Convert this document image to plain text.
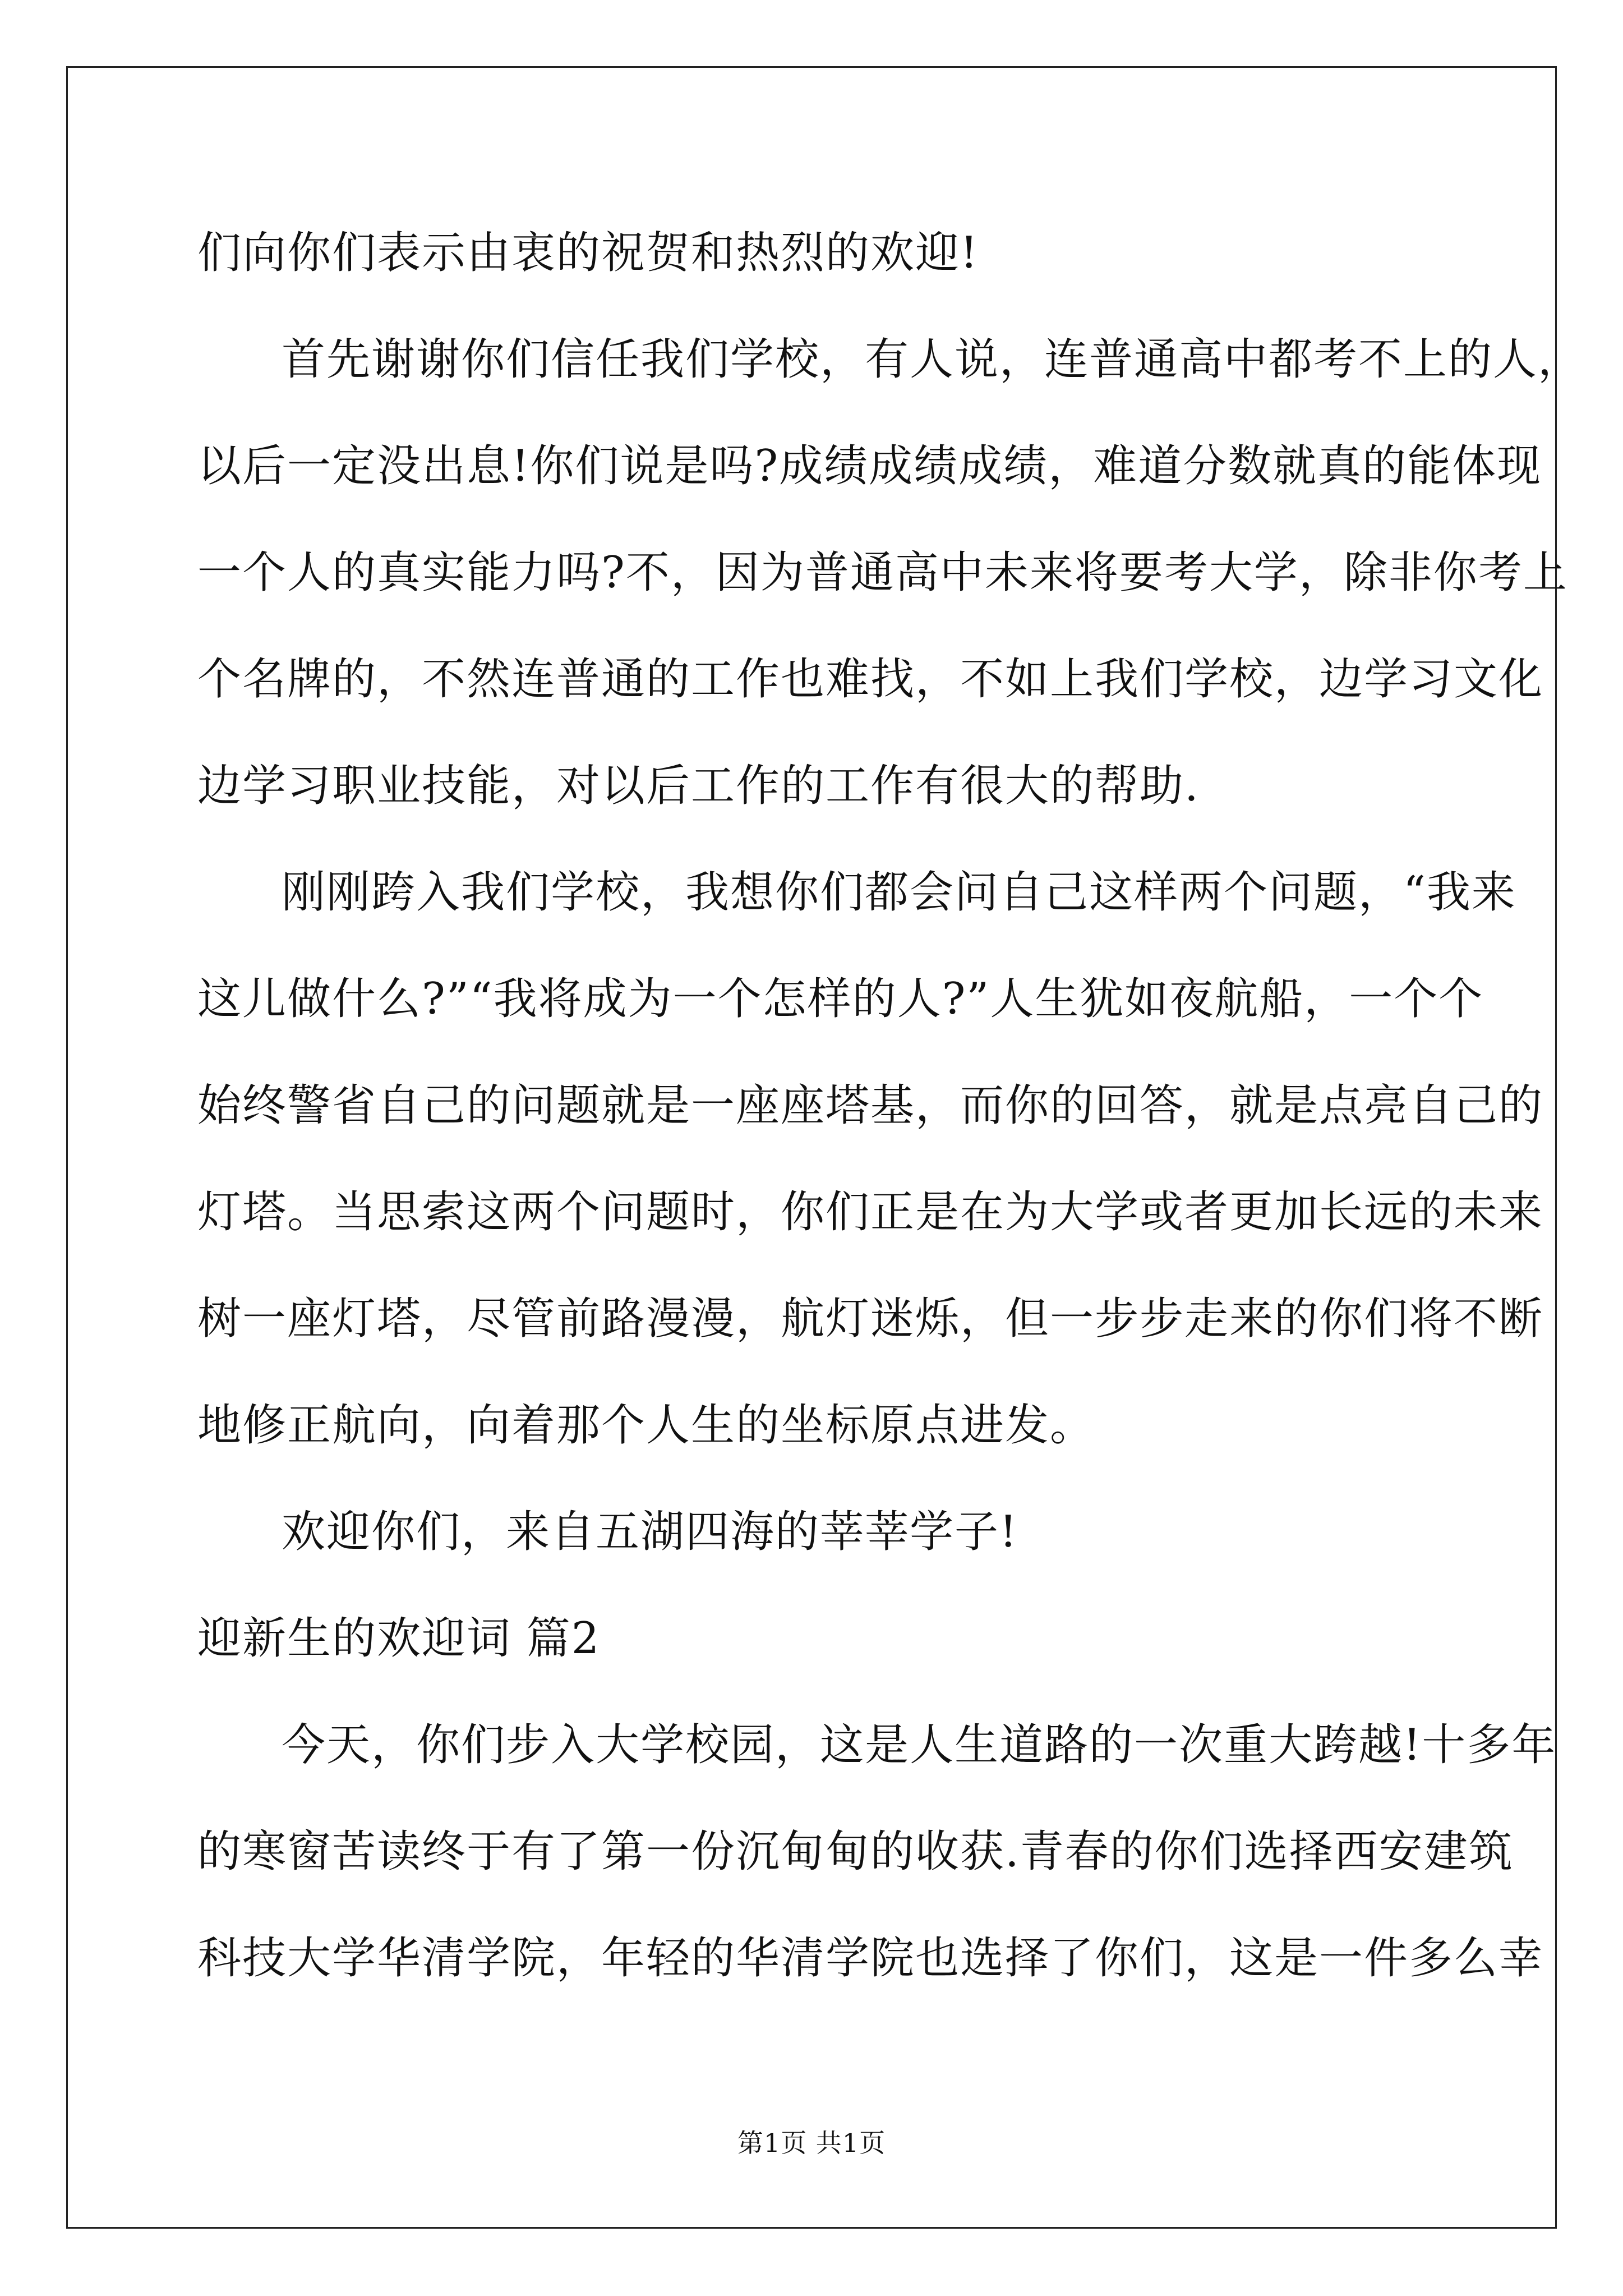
们向你们表示由衷的祝贺和热烈的欢迎!
首先谢谢你们信任我们学校，有人说，连普通高中都考不上的人，
以后一定没出息!你们说是吗?成绩成绩成绩，难道分数就真的能体现
一个人的真实能力吗?不，因为普通高中未来将要考大学，除非你考上
个名牌的，不然连普通的工作也难找，不如上我们学校，边学习文化
边学习职业技能，对以后工作的工作有很大的帮助.
刚刚跨入我们学校，我想你们都会问自己这样两个问题，“我来
这儿做什么?”“我将成为一个怎样的人?”人生犹如夜航船，一个个
始终警省自己的问题就是一座座塔基，而你的回答，就是点亮自己的
灯塔。当思索这两个问题时，你们正是在为大学或者更加长远的未来
树一座灯塔，尽管前路漫漫，航灯迷烁，但一步步走来的你们将不断
地修正航向，向着那个人生的坐标原点进发。
欢迎你们，来自五湖四海的莘莘学子!
迎新生的欢迎词 篇2
今天，你们步入大学校园，这是人生道路的一次重大跨越!十多年
的寒窗苦读终于有了第一份沉甸甸的收获.青春的你们选择西安建筑
科技大学华清学院，年轻的华清学院也选择了你们，这是一件多么幸
第1页 共1页
